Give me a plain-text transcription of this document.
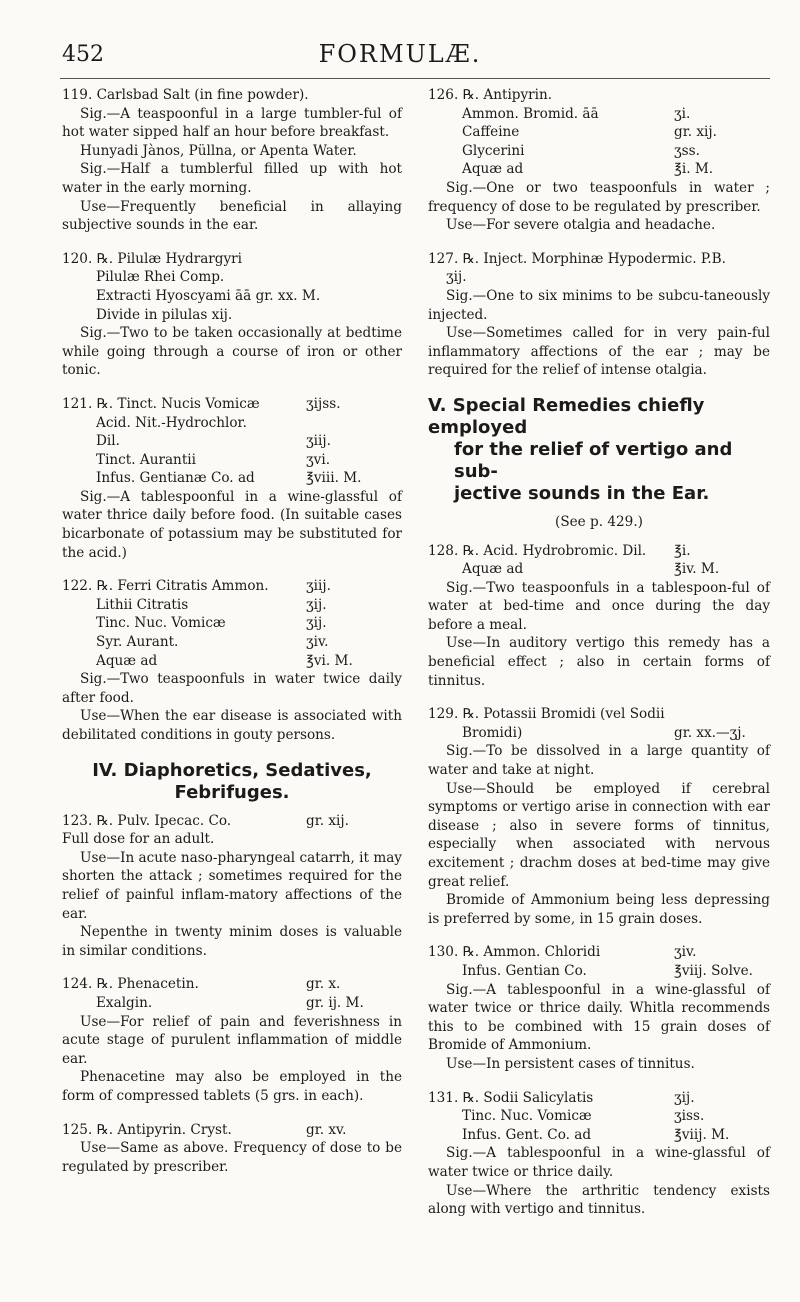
452	FORMULÆ.

119. Carlsbad Salt (in fine powder).

Sig.—A teaspoonful in a large tumbler-ful of hot water sipped half an hour before breakfast.

Hunyadi Jànos, Püllna, or Apenta Water.

Sig.—Half a tumblerful filled up with hot water in the early morning.

Use—Frequently beneficial in allaying subjective sounds in the ear.

120. ℞. Pilulæ Hydrargyri

Pilulæ Rhei Comp.

Extracti Hyoscyami āā gr. xx. M.

Divide in pilulas xij.

Sig.—Two to be taken occasionally at bedtime while going through a course of iron or other tonic.

121. ℞. Tinct. Nucis Vomicæ	ʒijss.
Acid. Nit.-Hydrochlor.
Dil.	ʒiij.
Tinct. Aurantii	ʒvi.
Infus. Gentianæ Co. ad	℥viii. M.

Sig.—A tablespoonful in a wine-glassful of water thrice daily before food. (In suitable cases bicarbonate of potassium may be substituted for the acid.)

122. ℞. Ferri Citratis Ammon.	ʒiij.
Lithii Citratis	ʒij.
Tinc. Nuc. Vomicæ	ʒij.
Syr. Aurant.	ʒiv.
Aquæ ad	℥vi. M.

Sig.—Two teaspoonfuls in water twice daily after food.

Use—When the ear disease is associated with debilitated conditions in gouty persons.

IV. Diaphoretics, Sedatives,
Febrifuges.
123. ℞. Pulv. Ipecac. Co.	gr. xij.

Full dose for an adult.

Use—In acute naso-pharyngeal catarrh, it may shorten the attack ; sometimes required for the relief of painful inflam-matory affections of the ear.

Nepenthe in twenty minim doses is valuable in similar conditions.

124. ℞. Phenacetin.	gr. x.
Exalgin.	gr. ij. M.

Use—For relief of pain and feverishness in acute stage of purulent inflammation of middle ear.

Phenacetine may also be employed in the form of compressed tablets (5 grs. in each).

125. ℞. Antipyrin. Cryst.	gr. xv.

Use—Same as above. Frequency of dose to be regulated by prescriber.

126. ℞. Antipyrin.
Ammon. Bromid. āā	ʒi.
Caffeine	gr. xij.
Glycerini	ʒss.
Aquæ ad	℥i. M.

Sig.—One or two teaspoonfuls in water ; frequency of dose to be regulated by prescriber.

Use—For severe otalgia and headache.

127. ℞. Inject. Morphinæ Hypodermic. P.B.

ʒij.

Sig.—One to six minims to be subcu-taneously injected.

Use—Sometimes called for in very pain-ful inflammatory affections of the ear ; may be required for the relief of intense otalgia.

V. Special Remedies chiefly employed
for the relief of vertigo and sub-
jective sounds in the Ear.

(See p. 429.)

128. ℞. Acid. Hydrobromic. Dil.	℥i.
Aquæ ad	℥iv. M.

Sig.—Two teaspoonfuls in a tablespoon-ful of water at bed-time and once during the day before a meal.

Use—In auditory vertigo this remedy has a beneficial effect ; also in certain forms of tinnitus.

129. ℞. Potassii Bromidi (vel Sodii

Bromidi)	gr. xx.—ʒj.

Sig.—To be dissolved in a large quantity of water and take at night.

Use—Should be employed if cerebral symptoms or vertigo arise in connection with ear disease ; also in severe forms of tinnitus, especially when associated with nervous excitement ; drachm doses at bed-time may give great relief.

Bromide of Ammonium being less depressing is preferred by some, in 15 grain doses.

130. ℞. Ammon. Chloridi	ʒiv.
Infus. Gentian Co.	℥viij. Solve.

Sig.—A tablespoonful in a wine-glassful of water twice or thrice daily. Whitla recommends this to be combined with 15 grain doses of Bromide of Ammonium.

Use—In persistent cases of tinnitus.

131. ℞. Sodii Salicylatis	ʒij.
Tinc. Nuc. Vomicæ	ʒiss.
Infus. Gent. Co. ad	℥viij. M.

Sig.—A tablespoonful in a wine-glassful of water twice or thrice daily.

Use—Where the arthritic tendency exists along with vertigo and tinnitus.
